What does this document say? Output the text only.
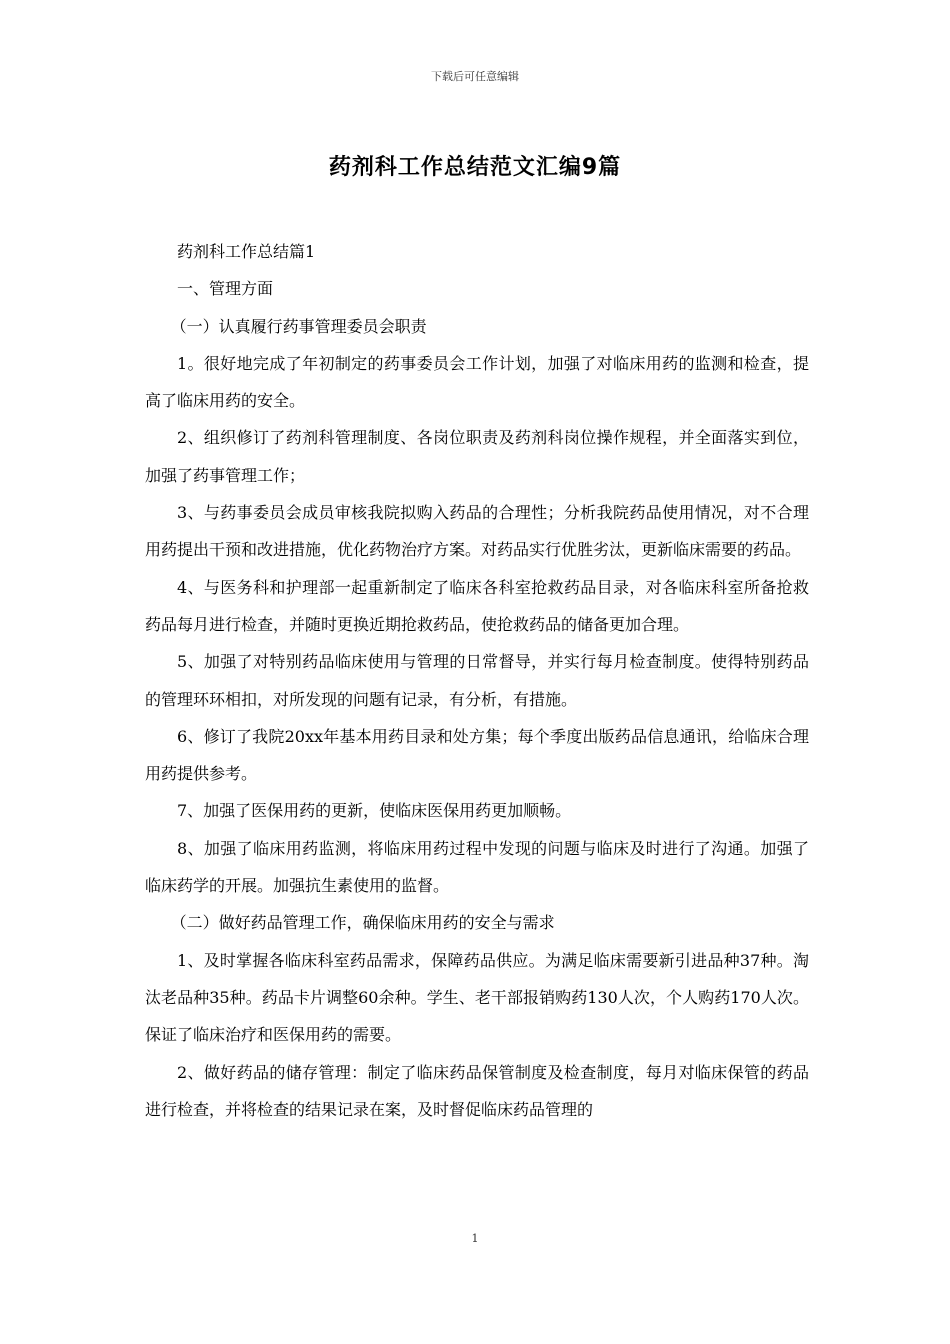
下载后可任意编辑
药剂科工作总结范文汇编9篇

药剂科工作总结篇1

一、管理方面

（一）认真履行药事管理委员会职责

1。很好地完成了年初制定的药事委员会工作计划，加强了对临床用药的监测和检查，提高了临床用药的安全。

2、组织修订了药剂科管理制度、各岗位职责及药剂科岗位操作规程，并全面落实到位，加强了药事管理工作；

3、与药事委员会成员审核我院拟购入药品的合理性；分析我院药品使用情况，对不合理用药提出干预和改进措施，优化药物治疗方案。对药品实行优胜劣汰，更新临床需要的药品。

4、与医务科和护理部一起重新制定了临床各科室抢救药品目录，对各临床科室所备抢救药品每月进行检查，并随时更换近期抢救药品，使抢救药品的储备更加合理。

5、加强了对特别药品临床使用与管理的日常督导，并实行每月检查制度。使得特别药品的管理环环相扣，对所发现的问题有记录，有分析，有措施。

6、修订了我院20xx年基本用药目录和处方集；每个季度出版药品信息通讯，给临床合理用药提供参考。

7、加强了医保用药的更新，使临床医保用药更加顺畅。

8、加强了临床用药监测，将临床用药过程中发现的问题与临床及时进行了沟通。加强了临床药学的开展。加强抗生素使用的监督。

（二）做好药品管理工作，确保临床用药的安全与需求

1、及时掌握各临床科室药品需求，保障药品供应。为满足临床需要新引进品种37种。淘汰老品种35种。药品卡片调整60余种。学生、老干部报销购药130人次，个人购药170人次。保证了临床治疗和医保用药的需要。

2、做好药品的储存管理：制定了临床药品保管制度及检查制度，每月对临床保管的药品进行检查，并将检查的结果记录在案，及时督促临床药品管理的

1
